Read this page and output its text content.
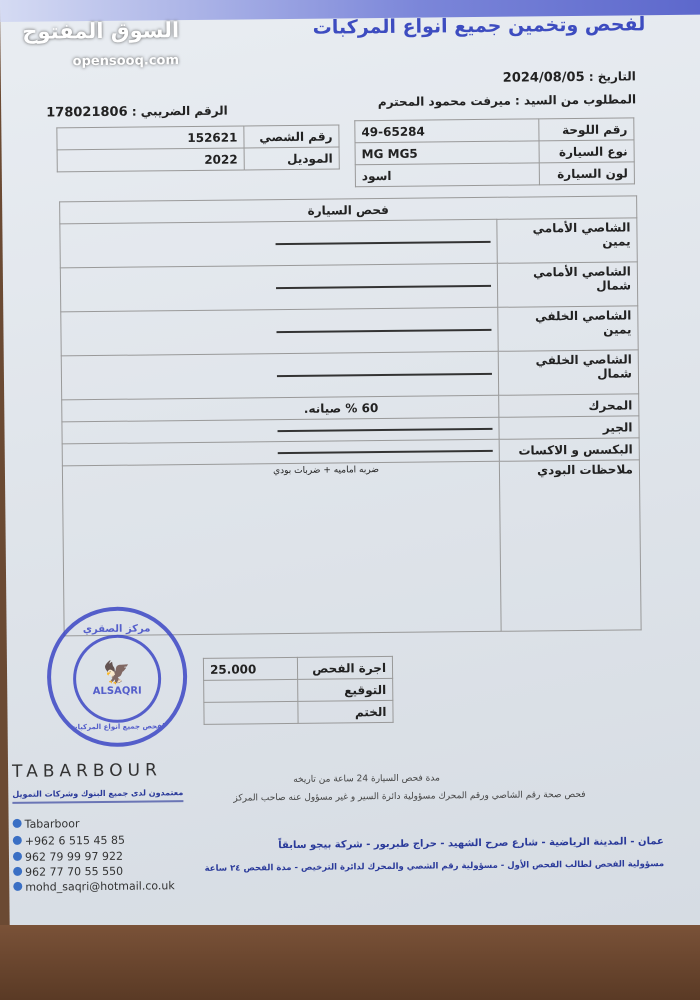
لفحص وتخمين جميع انواع المركبات
السوق المفتوح
opensooq.com
التاريخ : 2024/08/05
المطلوب من السيد : ميرفت محمود المحترم
الرقم الضريبي : 178021806
49-65284	رقم اللوحة
MG MG5	نوع السيارة
اسود	لون السيارة
152621	رقم الشصي
2022	الموديل
فحص السيارة	
	الشاصي الأمامي يمين
	الشاصي الأمامي شمال
	الشاصي الخلفي يمين
	الشاصي الخلفي شمال
60 % صيانه.	المحرك
	الجير
	البكسس و الاكسات
ضربه اماميه + ضربات بودي	ملاحظات البودي
25.000	اجرة الفحص
	التوقيع
	الختم
مركز الصقري
🦅
ALSAQRI
لفحص جميع انواع المركبات
TABARBOUR
معتمدون لدى جميع البنوك وشركات التمويل
مدة فحص السيارة 24 ساعة من تاريخه
فحص صحة رقم الشاصي ورقم المحرك مسؤولية دائرة السير و غير مسؤول عنه صاحب المركز
عمان - المدينة الرياضية - شارع صرح الشهيد - حراج طبربور - شركة بيجو سابقاً
مسؤولية الفحص لطالب الفحص الأول - مسؤولية رقم الشصي والمحرك لدائرة الترخيص - مدة الفحص ٢٤ ساعة
Tabarboor
+962 6 515 45 85
962 79 99 97 922
962 77 70 55 550
mohd_saqri@hotmail.co.uk
